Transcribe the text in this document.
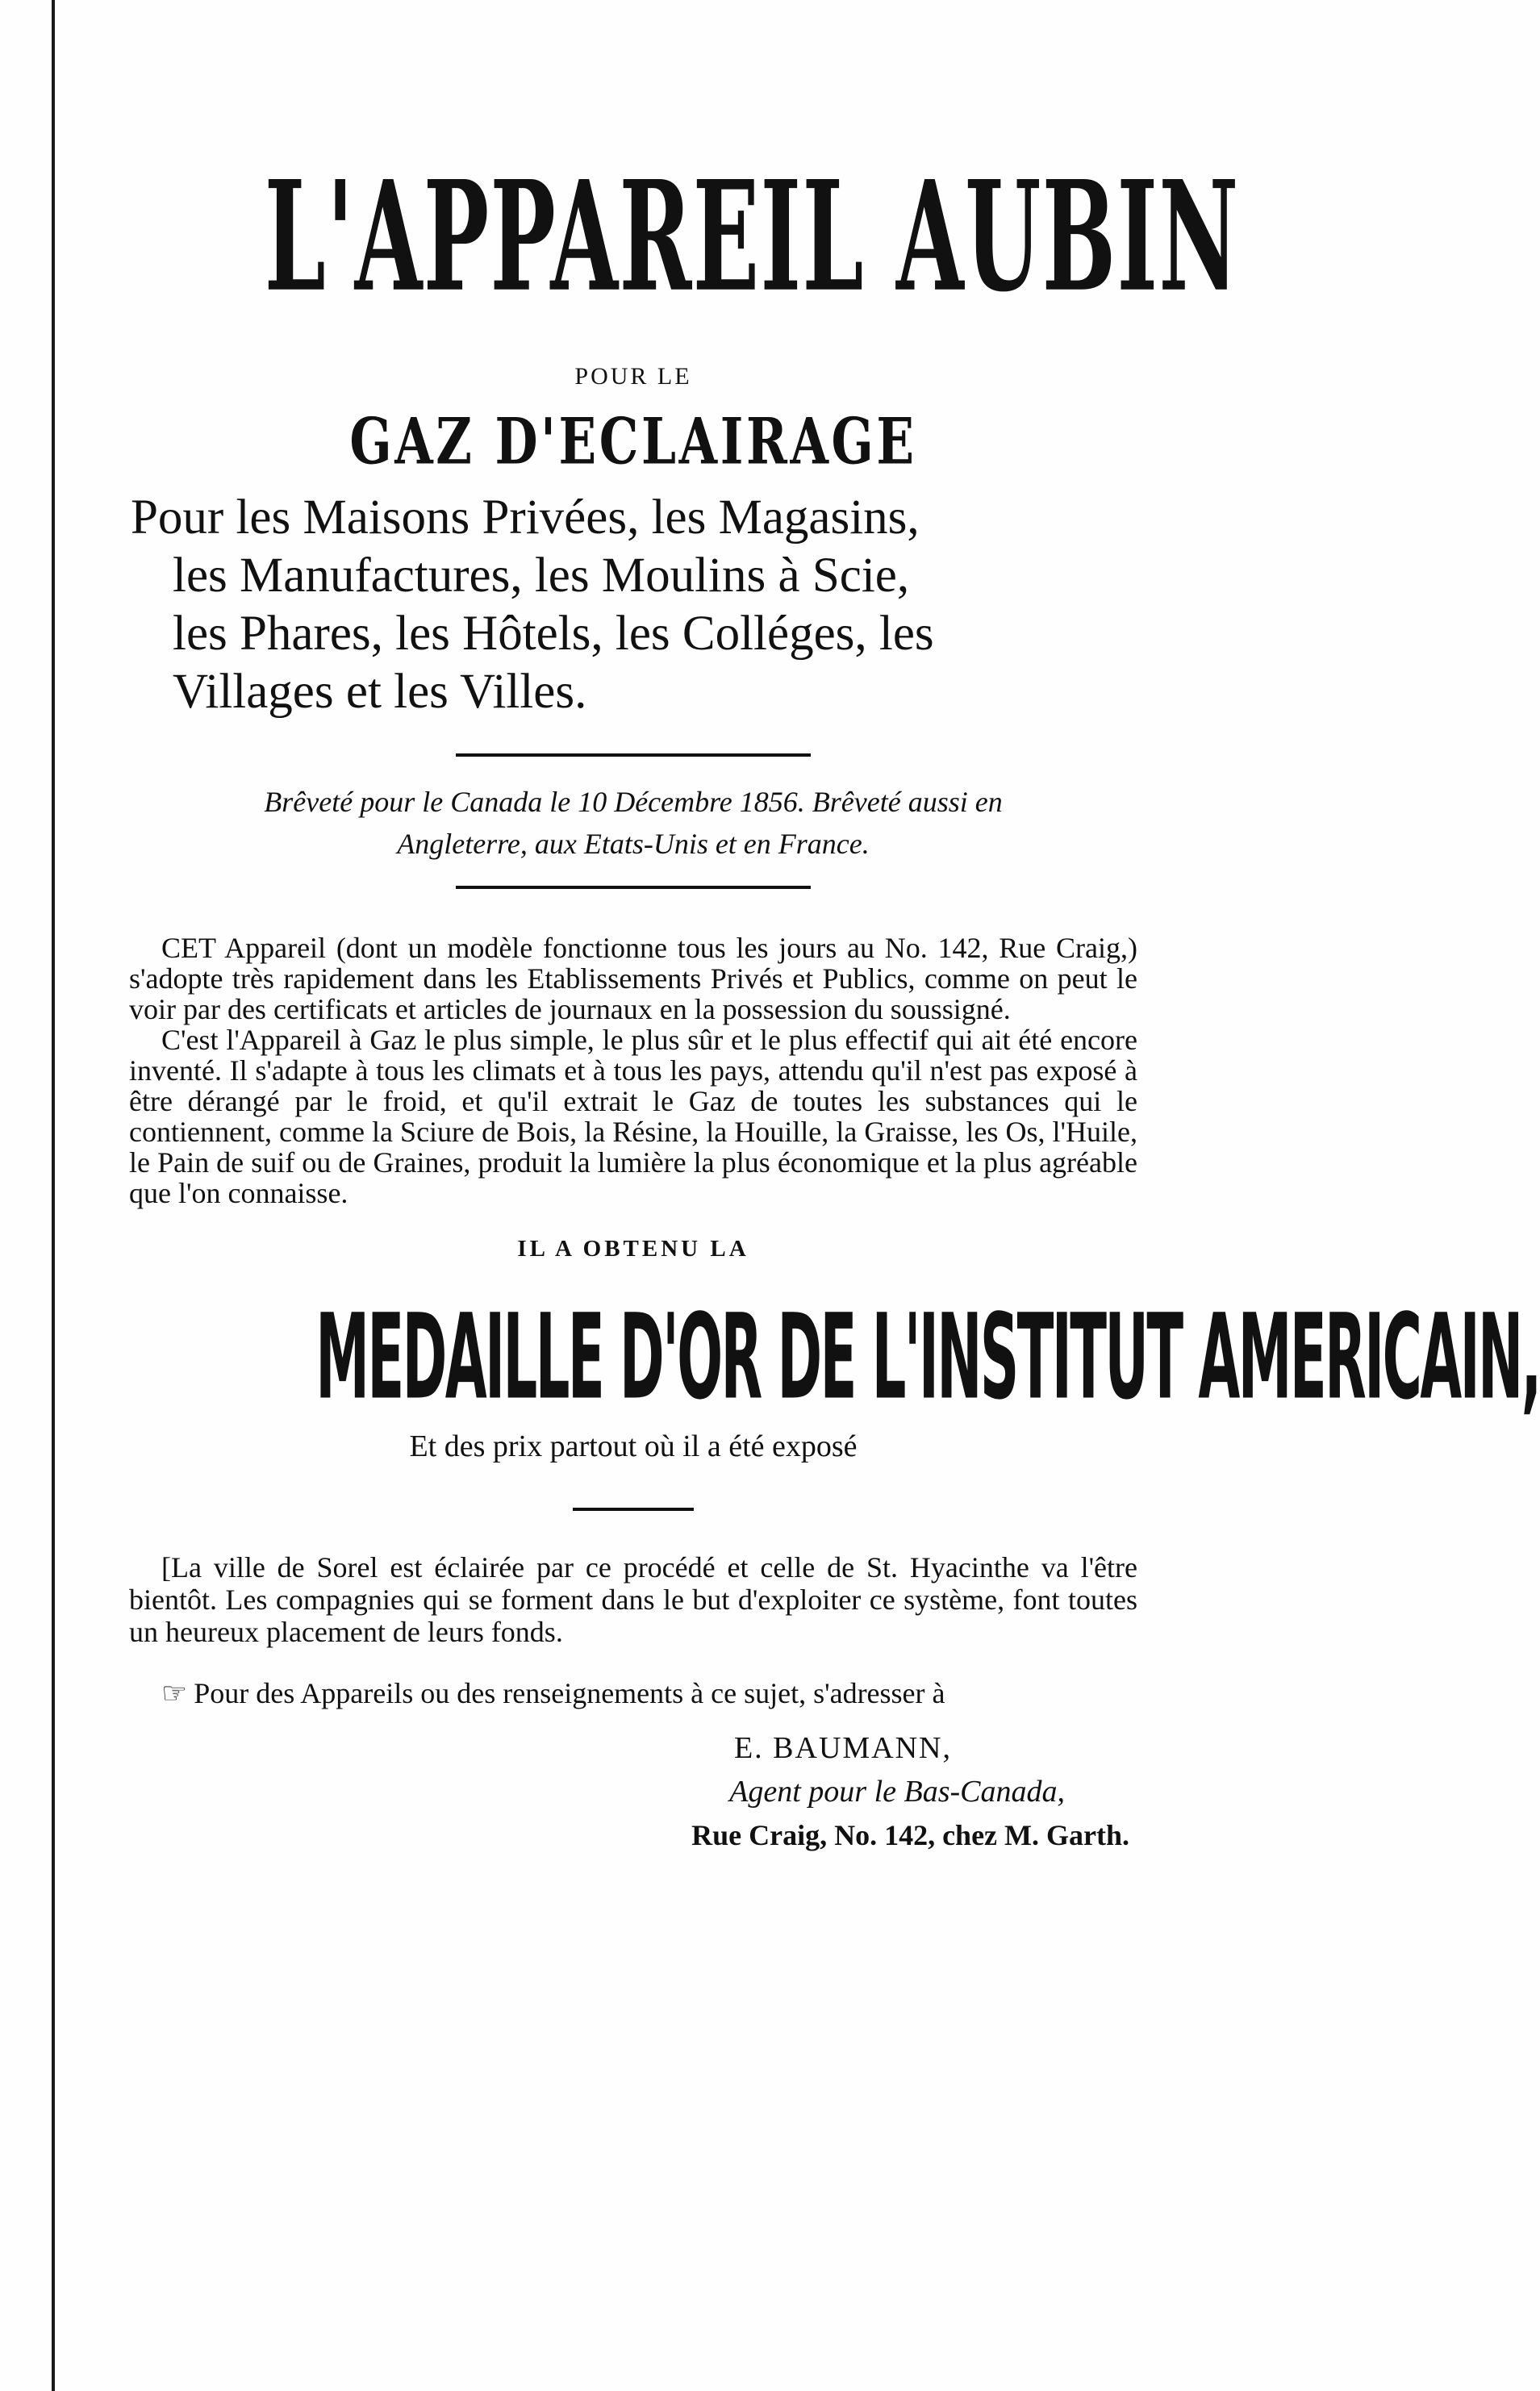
L'APPAREIL AUBIN
POUR LE
GAZ D'ECLAIRAGE
Pour les Maisons Privées, les Magasins,
les Manufactures, les Moulins à Scie,
les Phares, les Hôtels, les Colléges, les
Villages et les Villes.
Brêveté pour le Canada le 10 Décembre 1856. Brêveté aussi en
Angleterre, aux Etats-Unis et en France.

CET Appareil (dont un modèle fonctionne tous les jours au No. 142, Rue Craig,) s'adopte très rapidement dans les Etablissements Privés et Publics, comme on peut le voir par des certificats et articles de journaux en la possession du soussigné.

C'est l'Appareil à Gaz le plus simple, le plus sûr et le plus effectif qui ait été encore inventé. Il s'adapte à tous les climats et à tous les pays, attendu qu'il n'est pas exposé à être dérangé par le froid, et qu'il extrait le Gaz de toutes les substances qui le contiennent, comme la Sciure de Bois, la Résine, la Houille, la Graisse, les Os, l'Huile, le Pain de suif ou de Graines, produit la lumière la plus économique et la plus agréable que l'on connaisse.

IL A OBTENU LA
MEDAILLE D'OR DE L'INSTITUT AMERICAIN,
Et des prix partout où il a été exposé

[La ville de Sorel est éclairée par ce procédé et celle de St. Hyacinthe va l'être bientôt. Les compagnies qui se forment dans le but d'exploiter ce système, font toutes un heureux placement de leurs fonds.

☞ Pour des Appareils ou des renseignements à ce sujet, s'adresser à
E. BAUMANN,
Agent pour le Bas-Canada,
Rue Craig, No. 142, chez M. Garth.
